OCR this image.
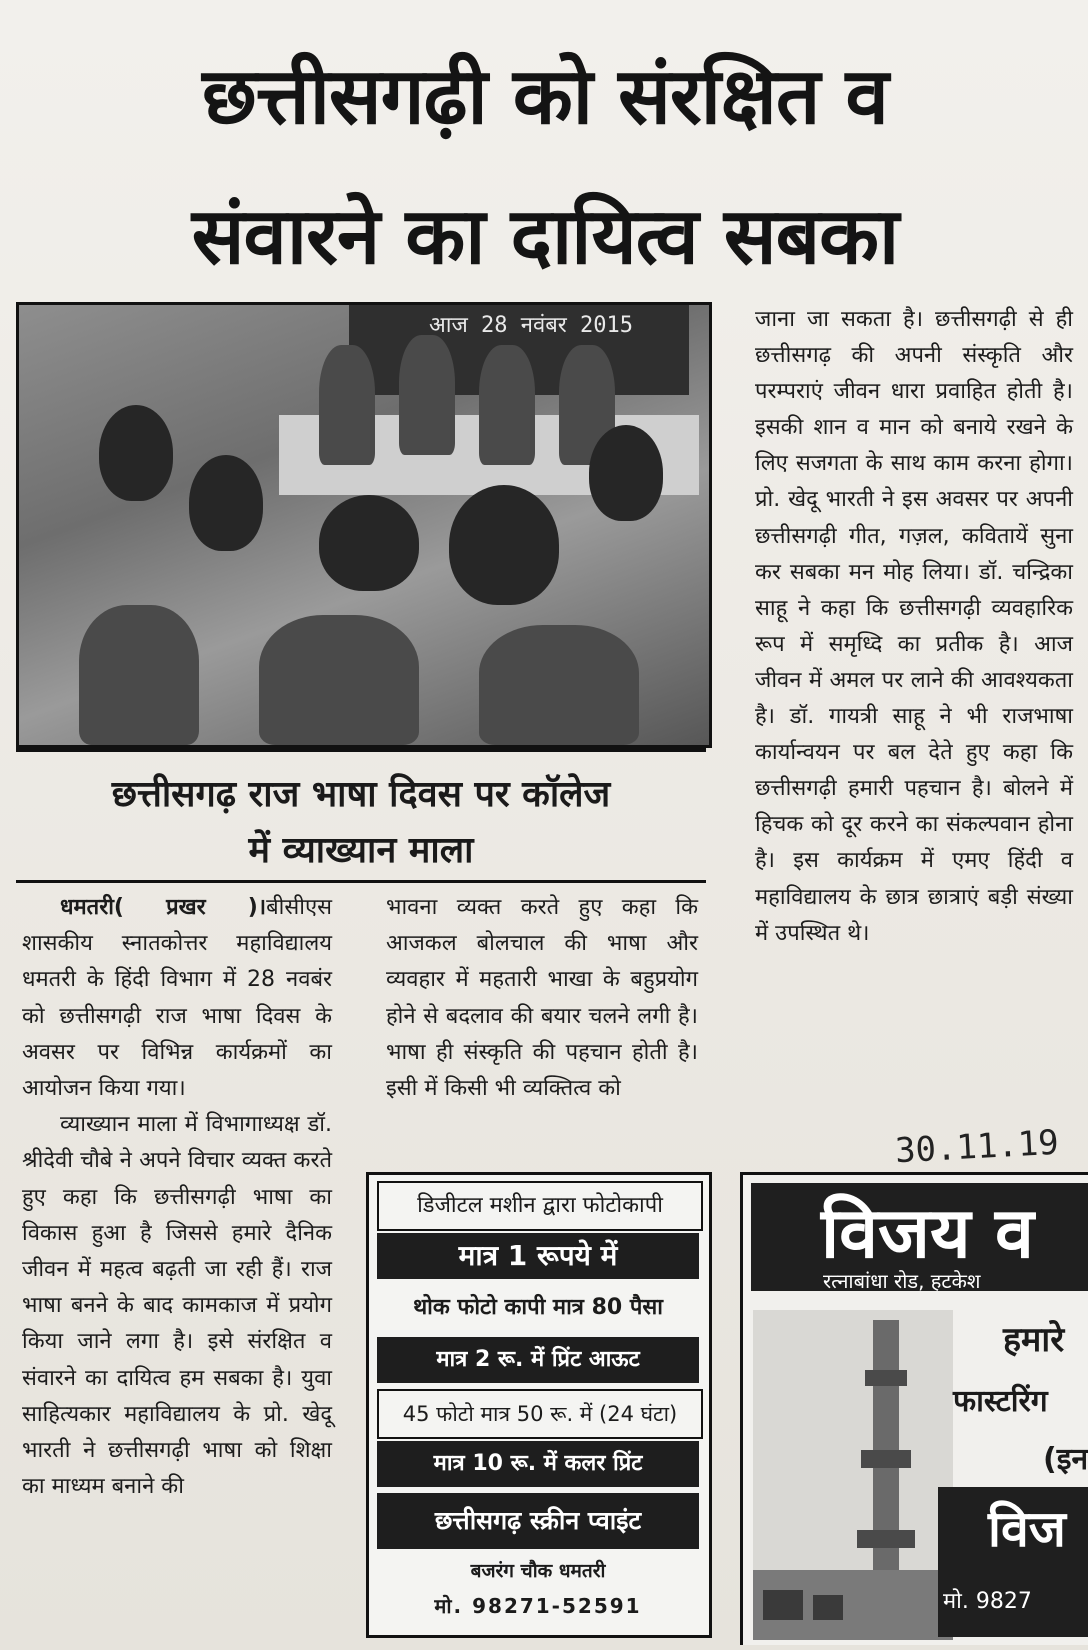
छत्तीसगढ़ी को संरक्षित व
संवारने का दायित्व सबका
आज 28 नवंबर 2015
छत्तीसगढ़ राज भाषा दिवस पर कॉलेज
में व्याख्यान माला

धमतरी( प्रखर )।बीसीएस शासकीय स्नातकोत्तर महाविद्यालय धमतरी के हिंदी विभाग में 28 नवबंर को छत्तीसगढ़ी राज भाषा दिवस के अवसर पर विभिन्न कार्यक्रमों का आयोजन किया गया।

व्याख्यान माला में विभागाध्यक्ष डॉ. श्रीदेवी चौबे ने अपने विचार व्यक्त करते हुए कहा कि छत्तीसगढ़ी भाषा का विकास हुआ है जिससे हमारे दैनिक जीवन में महत्व बढ़ती जा रही हैं। राज भाषा बनने के बाद कामकाज में प्रयोग किया जाने लगा है। इसे संरक्षित व संवारने का दायित्व हम सबका है। युवा साहित्यकार महाविद्यालय के प्रो. खेदू भारती ने छत्तीसगढ़ी भाषा को शिक्षा का माध्यम बनाने की

भावना व्यक्त करते हुए कहा कि आजकल बोलचाल की भाषा और व्यवहार में महतारी भाखा के बहुप्रयोग होने से बदलाव की बयार चलने लगी है। भाषा ही संस्कृति की पहचान होती है। इसी में किसी भी व्यक्तित्व को

जाना जा सकता है। छत्तीसगढ़ी से ही छत्तीसगढ़ की अपनी संस्कृति और परम्पराएं जीवन धारा प्रवाहित होती है। इसकी शान व मान को बनाये रखने के लिए सजगता के साथ काम करना होगा। प्रो. खेदू भारती ने इस अवसर पर अपनी छत्तीसगढ़ी गीत, गज़ल, कवितायें सुना कर सबका मन मोह लिया। डॉ. चन्द्रिका साहू ने कहा कि छत्तीसगढ़ी व्यवहारिक रूप में समृध्दि का प्रतीक है। आज जीवन में अमल पर लाने की आवश्यकता है। डॉ. गायत्री साहू ने भी राजभाषा कार्यान्वयन पर बल देते हुए कहा कि छत्तीसगढ़ी हमारी पहचान है। बोलने में हिचक को दूर करने का संकल्पवान होना है। इस कार्यक्रम में एमए हिंदी व महाविद्यालय के छात्र छात्राएं बड़ी संख्या में उपस्थित थे।

30.11.19
डिजीटल मशीन द्वारा फोटोकापी
मात्र 1 रूपये में
थोक फोटो कापी मात्र 80 पैसा
मात्र 2 रू. में प्रिंट आऊट
45 फोटो मात्र 50 रू. में (24 घंटा)
मात्र 10 रू. में कलर प्रिंट
छत्तीसगढ़ स्क्रीन प्वाइंट
बजरंग चौक धमतरी
मो. 98271-52591
विजय व
रत्नाबांधा रोड, हटकेश
हमारे
फास्टरिंग
(इन
विज
मो. 9827
